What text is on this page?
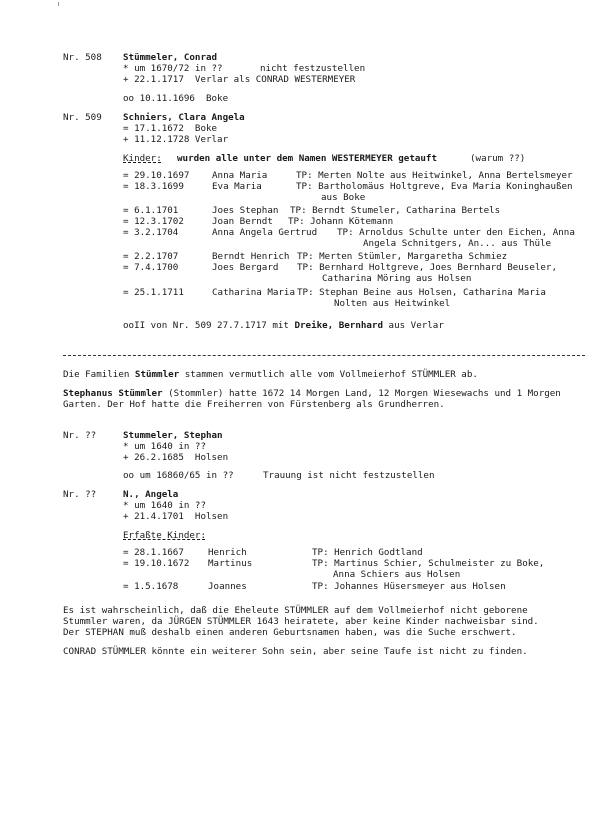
Nr. 508 Stümmeler, Conrad
* um 1670/72 in ??	nicht festzustellen
+ 22.1.1717  Verlar als CONRAD WESTERMEYER
oo 10.11.1696  Boke
Nr. 509 Schniers, Clara Angela
= 17.1.1672  Boke
+ 11.12.1728 Verlar
Kinder: wurden alle unter dem Namen WESTERMEYER getauft	(warum ??)
= 29.10.1697 Anna Maria	TP: Merten Nolte aus Heitwinkel, Anna Bertelsmeyer
= 18.3.1699	Eva Maria	TP: Bartholomäus Holtgreve, Eva Maria Koninghaußen
aus Boke
= 6.1.1701	Joes Stephan TP: Berndt Stumeler, Catharina Bertels
= 12.3.1702	Joan Berndt TP: Johann Kötemann
= 3.2.1704	Anna Angela Gertrud TP: Arnoldus Schulte unter den Eichen, Anna
Angela Schnitgers, An... aus Thüle
= 2.2.1707	Berndt Henrich TP: Merten Stümler, Margaretha Schmiez
= 7.4.1700	Joes Bergard TP: Bernhard Holtgreve, Joes Bernhard Beuseler,
Catharina Möring aus Holsen
= 25.1.1711	Catharina Maria TP: Stephan Beine aus Holsen, Catharina Maria
Nolten aus Heitwinkel
ooII von Nr. 509 27.7.1717 mit Dreike, Bernhard aus Verlar
Die Familien Stümmler stammen vermutlich alle vom Vollmeierhof STÜMMLER ab.
Stephanus Stümmler (Stommler) hatte 1672 14 Morgen Land, 12 Morgen Wiesewachs und 1 Morgen
Garten. Der Hof hatte die Freiherren von Fürstenberg als Grundherren.
Nr. ??	Stummeler, Stephan
* um 1640 in ??
+ 26.2.1685  Holsen
oo um 16860/65 in ??	Trauung ist nicht festzustellen
Nr. ??	N., Angela
* um 1640 in ??
+ 21.4.1701  Holsen
Erfaßte Kinder:
= 28.1.1667	Henrich	TP: Henrich Godtland
= 19.10.1672 Martinus	TP: Martinus Schier, Schulmeister zu Boke,
Anna Schiers aus Holsen
= 1.5.1678	Joannes	TP: Johannes Hüsersmeyer aus Holsen
Es ist wahrscheinlich, daß die Eheleute STÜMMLER auf dem Vollmeierhof nicht geborene
Stummler waren, da JÜRGEN STÜMMLER 1643 heiratete, aber keine Kinder nachweisbar sind.
Der STEPHAN muß deshalb einen anderen Geburtsnamen haben, was die Suche erschwert.
CONRAD STÜMMLER könnte ein weiterer Sohn sein, aber seine Taufe ist nicht zu finden.
